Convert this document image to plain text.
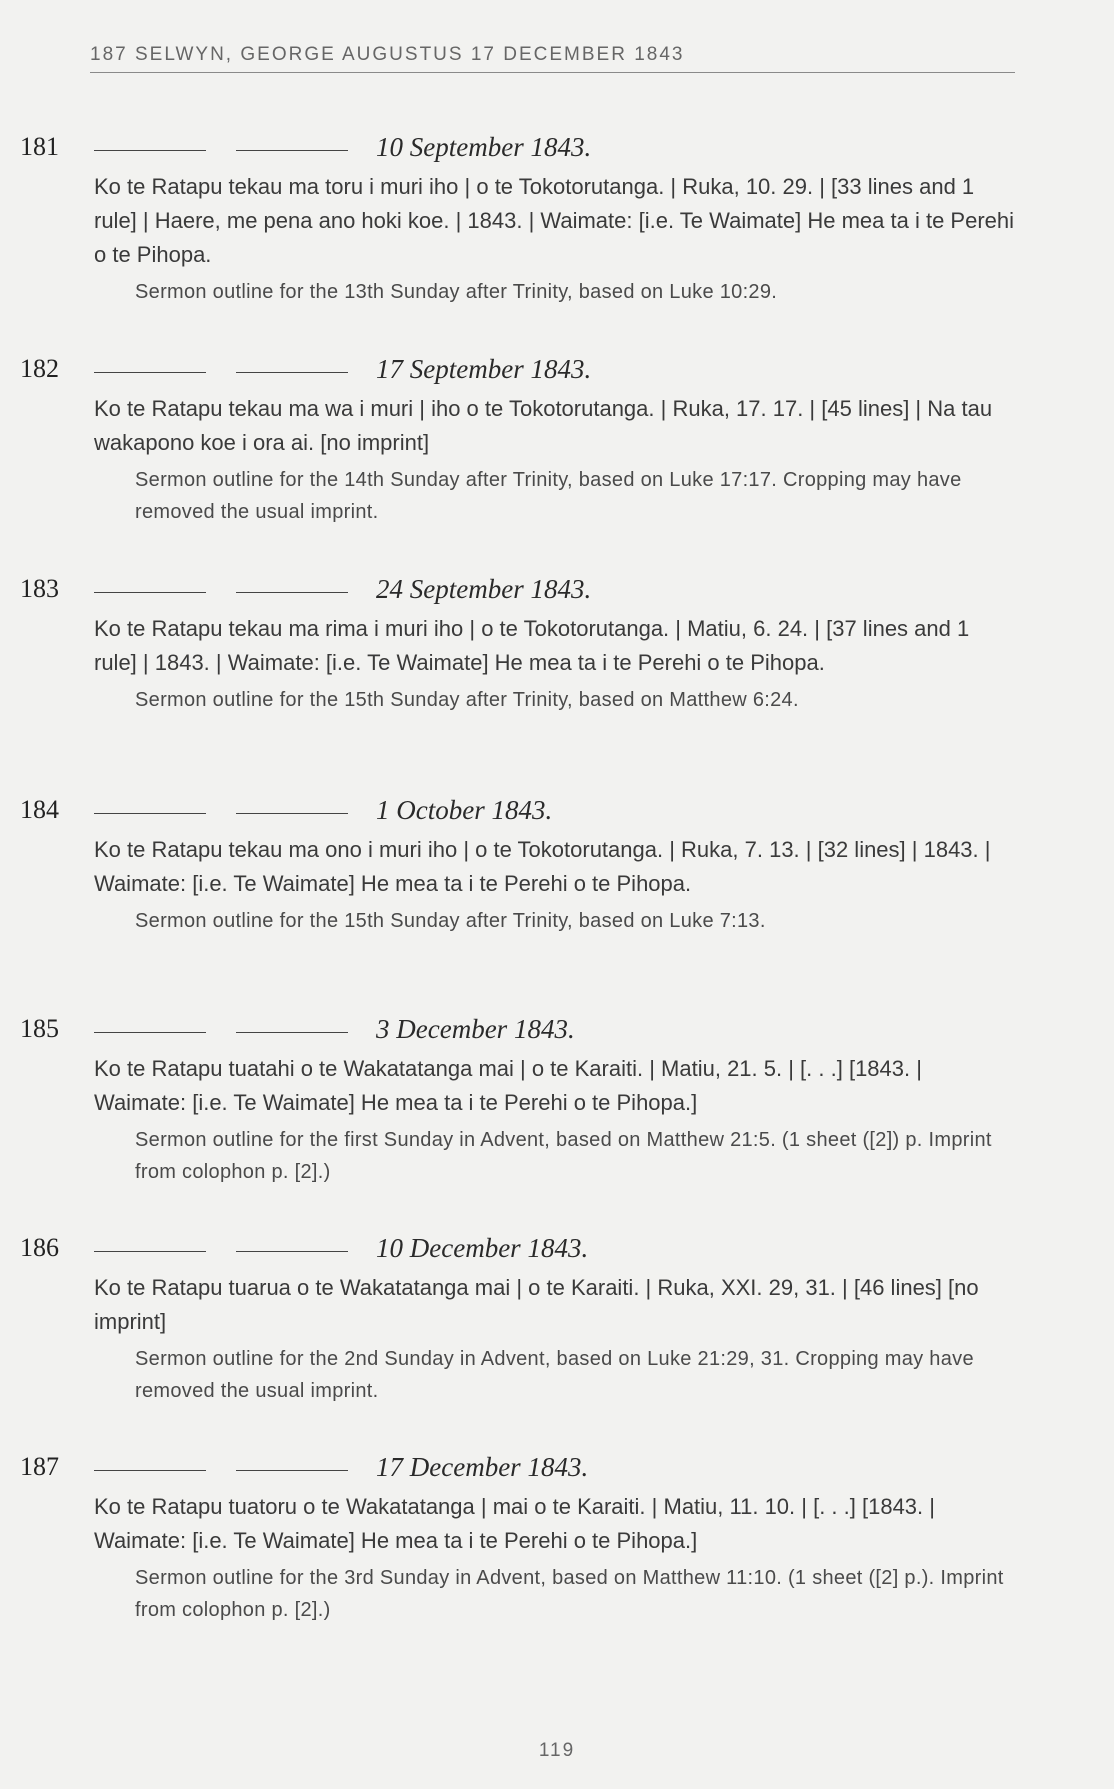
187 SELWYN, GEORGE AUGUSTUS 17 DECEMBER 1843
181	10 September 1843.
Ko te Ratapu tekau ma toru i muri iho | o te Tokotorutanga. | Ruka, 10. 29. | [33 lines and 1 rule] | Haere, me pena ano hoki koe. | 1843. | Waimate: [i.e. Te Waimate] He mea ta i te Perehi o te Pihopa.
Sermon outline for the 13th Sunday after Trinity, based on Luke 10:29.
182	17 September 1843.
Ko te Ratapu tekau ma wa i muri | iho o te Tokotorutanga. | Ruka, 17. 17. | [45 lines] | Na tau wakapono koe i ora ai. [no imprint]
Sermon outline for the 14th Sunday after Trinity, based on Luke 17:17. Cropping may have removed the usual imprint.
183	24 September 1843.
Ko te Ratapu tekau ma rima i muri iho | o te Tokotorutanga. | Matiu, 6. 24. | [37 lines and 1 rule] | 1843. | Waimate: [i.e. Te Waimate] He mea ta i te Perehi o te Pihopa.
Sermon outline for the 15th Sunday after Trinity, based on Matthew 6:24.
184	1 October 1843.
Ko te Ratapu tekau ma ono i muri iho | o te Tokotorutanga. | Ruka, 7. 13. | [32 lines] | 1843. | Waimate: [i.e. Te Waimate] He mea ta i te Perehi o te Pihopa.
Sermon outline for the 15th Sunday after Trinity, based on Luke 7:13.
185	3 December 1843.
Ko te Ratapu tuatahi o te Wakatatanga mai | o te Karaiti. | Matiu, 21. 5. | [. . .] [1843. | Waimate: [i.e. Te Waimate] He mea ta i te Perehi o te Pihopa.]
Sermon outline for the first Sunday in Advent, based on Matthew 21:5. (1 sheet ([2]) p. Imprint from colophon p. [2].)
186	10 December 1843.
Ko te Ratapu tuarua o te Wakatatanga mai | o te Karaiti. | Ruka, XXI. 29, 31. | [46 lines] [no imprint]
Sermon outline for the 2nd Sunday in Advent, based on Luke 21:29, 31. Cropping may have removed the usual imprint.
187	17 December 1843.
Ko te Ratapu tuatoru o te Wakatatanga | mai o te Karaiti. | Matiu, 11. 10. | [. . .] [1843. | Waimate: [i.e. Te Waimate] He mea ta i te Perehi o te Pihopa.]
Sermon outline for the 3rd Sunday in Advent, based on Matthew 11:10. (1 sheet ([2] p.). Imprint from colophon p. [2].)
119
